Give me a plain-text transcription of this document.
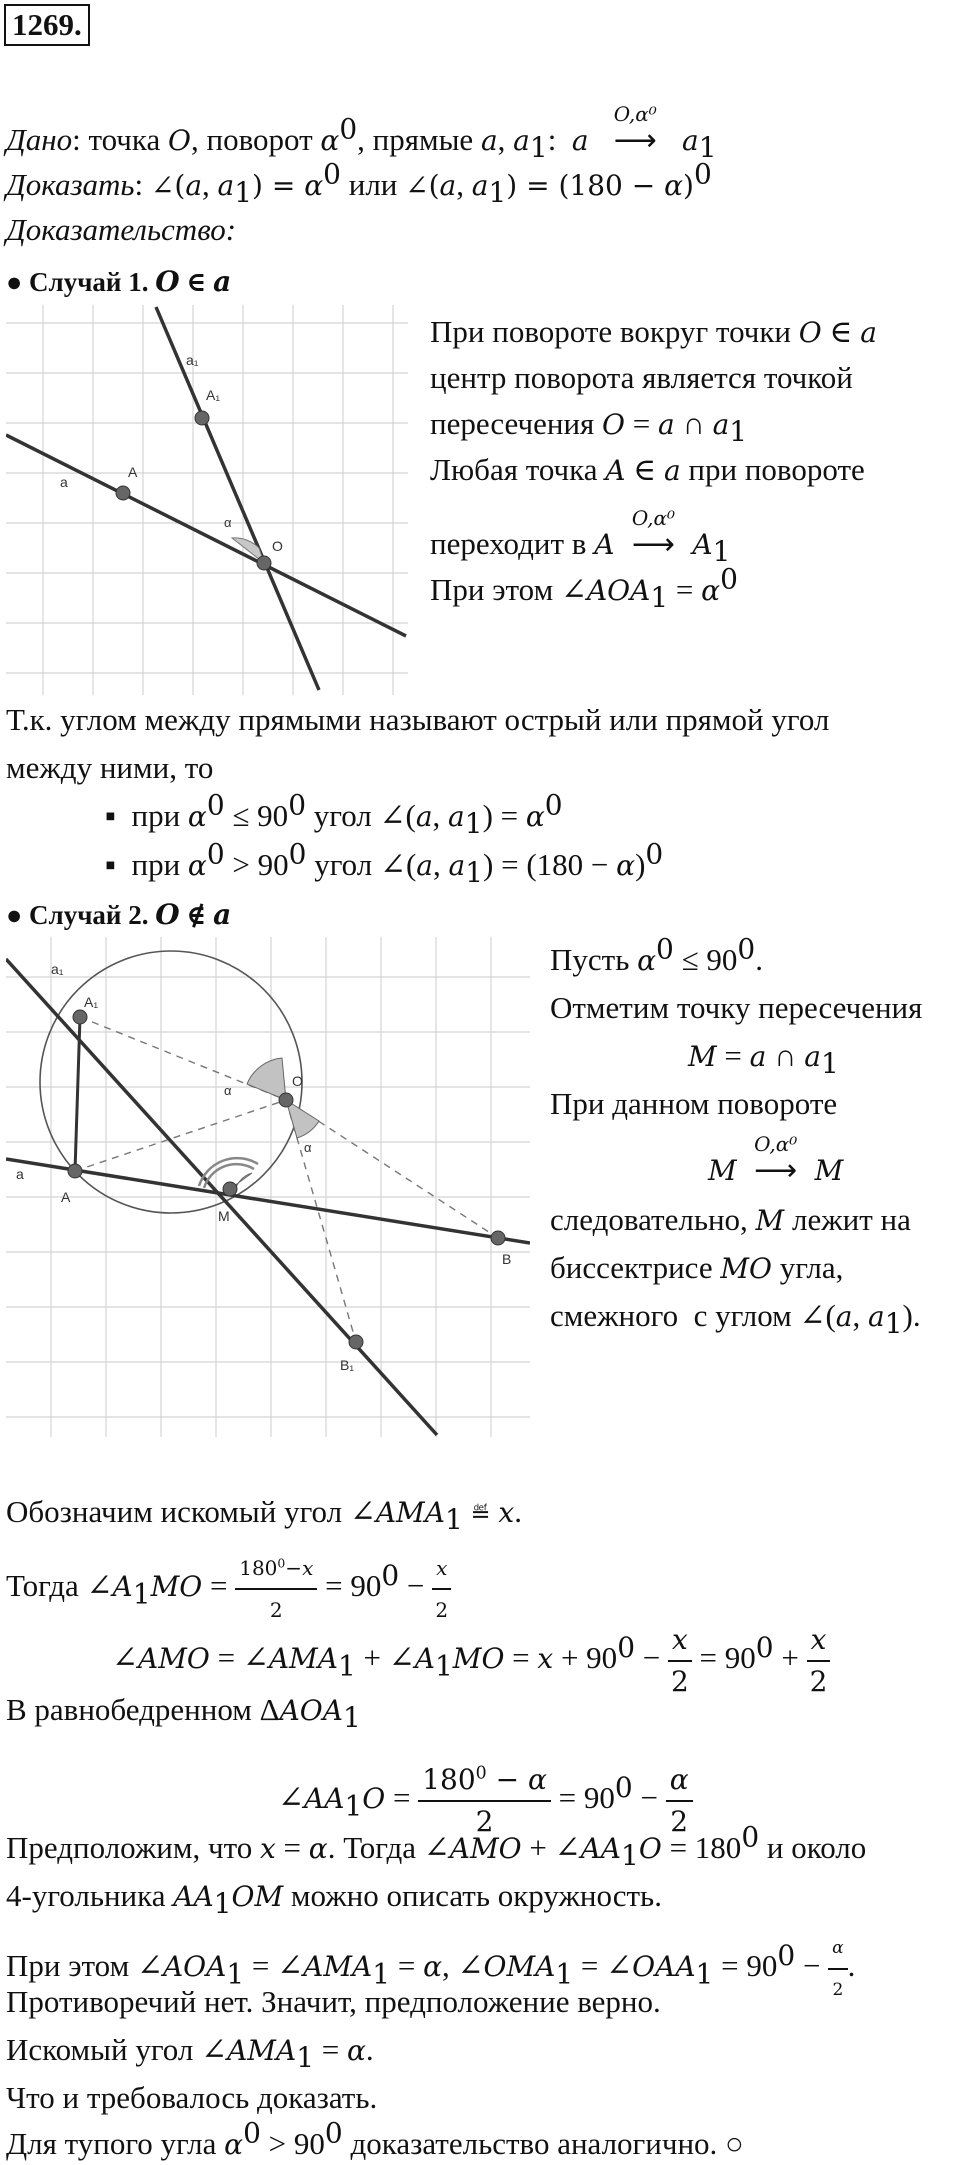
1269.
Дано: точка O, поворот $\alpha^0$, прямые a, $a_1$:  a
O,α⁰
⟶ $a_1$
Доказать: ∠(a, $a_1) = \alpha^0$ или ∠(a, $a_1) = (180 - \alpha)^0$
Доказательство:
● Случай 1. O ∈ a
a₁
A₁
A
a
α
O
При повороте вокруг точки O ∈ a
центр поворота является точкой
пересечения O = a ∩ $a_1$
Любая точка A ∈ a при повороте
переходит в A
O,α⁰
⟶ $A_1$
При этом $\angle AOA_1 = \alpha^0$
Т.к. углом между прямыми называют острый или прямой угол
между ними, то
▪  при $\alpha^0 \le 90^0$ угол ∠(a, $a_1) = \alpha^0$
▪  при $\alpha^0 > 90^0$ угол ∠(a, $a_1) = (180 - \alpha)^0$
● Случай 2. O ∉ a
a₁
A₁
α
O
α
a
A
M
B
B₁
Пусть $\alpha^0 \le 90^0$.
Отметим точку пересечения
M = a ∩ $a_1$
При данном повороте
M
O,α⁰
⟶ M
следовательно, M лежит на
биссектрисе MO угла,
смежного  с углом ∠(a, $a_1$).
Обозначим искомый угол $\angle AMA_1$ ≝ x.
Тогда $\angle A_1MO = \frac{180^0-x}{2} = 90^0 - \frac{x}{2}$
∠AMO = $\angle AMA_1$ + $\angle A_1MO = x + 90^0 - \frac{x}{2} = 90^0 + \frac{x}{2}$
В равнобедренном $\Delta AOA_1$
$\angle AA_1O = \frac{180^0 - \alpha}{2} = 90^0 - \frac{\alpha}{2}$
Предположим, что x = α. Тогда ∠AMO + $\angle AA_1O = 180^0$ и около
4-угольника $AA_1OM$ можно описать окружность.
При этом $\angle AOA_1$ = $\angle AMA_1 = \alpha$, $\angle OMA_1$ = $\angle OAA_1 = 90^0 - \frac{\alpha}{2}$ .
Противоречий нет. Значит, предположение верно.
Искомый угол $\angle AMA_1 = \alpha$.
Что и требовалось доказать.
Для тупого угла $\alpha^0 > 90^0$ доказательство аналогично. ○
